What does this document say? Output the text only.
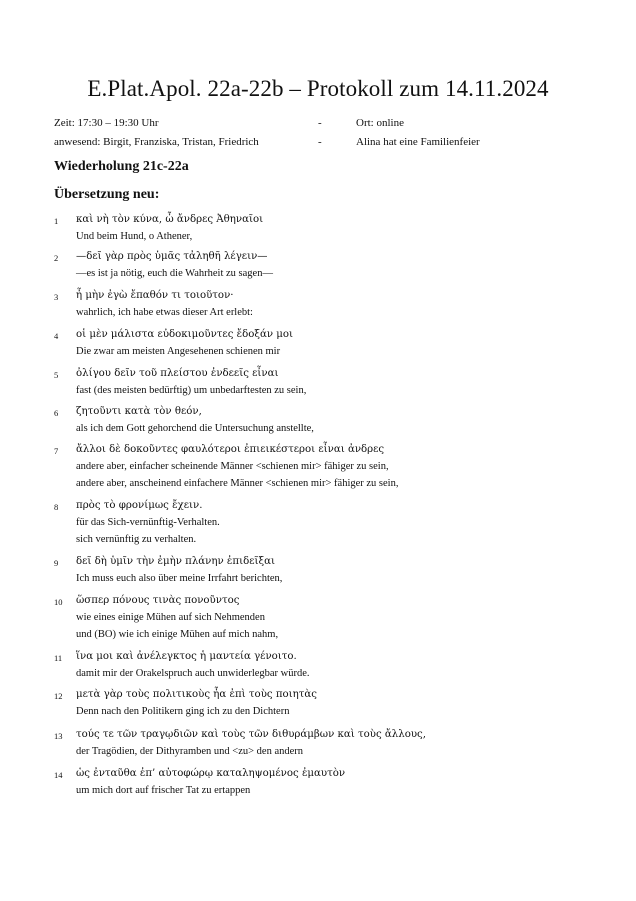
E.Plat.Apol. 22a-22b – Protokoll zum 14.11.2024
Zeit: 17:30 – 19:30 Uhr	-	Ort: online
anwesend: Birgit, Franziska, Tristan, Friedrich	-	Alina hat eine Familienfeier
Wiederholung 21c-22a
Übersetzung neu:
1 καὶ νὴ τὸν κύνα, ὦ ἄνδρες Ἀθηναῖοι
Und beim Hund, o Athener,
2 —δεῖ γὰρ πρὸς ὑμᾶς τἀληθῆ λέγειν—
—es ist ja nötig, euch die Wahrheit zu sagen—
3 ἦ μὴν ἐγὼ ἔπαθόν τι τοιοῦτον·
wahrlich, ich habe etwas dieser Art erlebt:
4 οἱ μὲν μάλιστα εὐδοκιμοῦντες ἔδοξάν μοι
Die zwar am meisten Angesehenen schienen mir
5 ὀλίγου δεῖν τοῦ πλείστου ἐνδεεῖς εἶναι
fast (des meisten bedürftig) um unbedarftesten zu sein,
6 ζητοῦντι κατὰ τὸν θεόν,
als ich dem Gott gehorchend die Untersuchung anstellte,
7 ἄλλοι δὲ δοκοῦντες φαυλότεροι ἐπιεικέστεροι εἶναι ἀνδρες
andere aber, einfacher scheinende Männer <schienen mir> fähiger zu sein,
andere aber, anscheinend einfachere Männer <schienen mir> fähiger zu sein,
8 πρὸς τὸ φρονίμως ἔχειν.
für das Sich-vernünftig-Verhalten.
sich vernünftig zu verhalten.
9 δεῖ δὴ ὑμῖν τὴν ἐμὴν πλάνην ἐπιδεῖξαι
Ich muss euch also über meine Irrfahrt berichten,
10 ὥσπερ πόνους τινὰς πονοῦντος
wie eines einige Mühen auf sich Nehmenden
und (BO) wie ich einige Mühen auf mich nahm,
11 ἵνα μοι καὶ ἀνέλεγκτος ἡ μαντεία γένοιτο.
damit mir der Orakelspruch auch unwiderlegbar würde.
12 μετὰ γὰρ τοὺς πολιτικοὺς ἦα ἐπὶ τοὺς ποιητὰς
Denn nach den Politikern ging ich zu den Dichtern
13 τούς τε τῶν τραγῳδιῶν καὶ τοὺς τῶν διθυράμβων καὶ τοὺς ἄλλους,
der Tragödien, der Dithyramben und <zu> den andern
14 ὡς ἐνταῦθα ἐπ’ αὐτοφώρῳ καταληψομένος ἐμαυτὸν
um mich dort auf frischer Tat zu ertappen
